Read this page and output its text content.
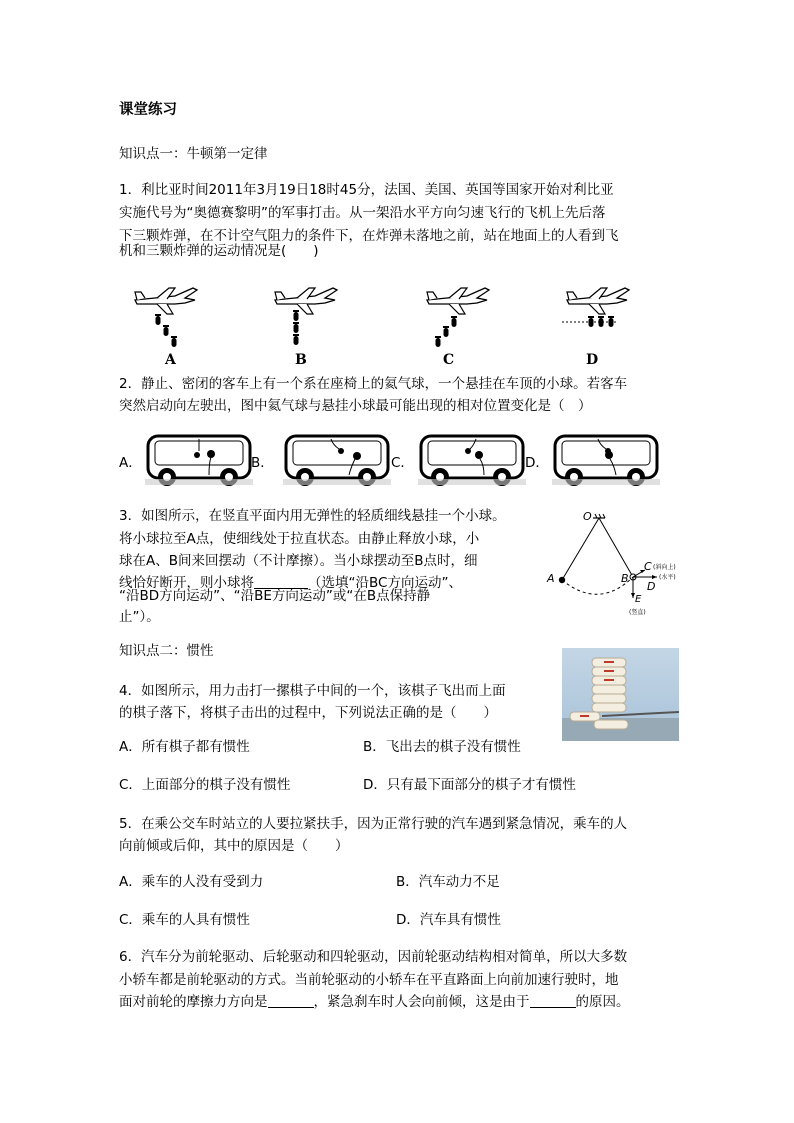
课堂练习
知识点一：牛顿第一定律
1．利比亚时间2011年3月19日18时45分，法国、美国、英国等国家开始对利比亚
实施代号为“奥德赛黎明”的军事打击。从一架沿水平方向匀速飞行的飞机上先后落
下三颗炸弹，在不计空气阻力的条件下，在炸弹未落地之前，站在地面上的人看到飞
机和三颗炸弹的运动情况是(　　)
A	B	C	D
2．静止、密闭的客车上有一个系在座椅上的氦气球，一个悬挂在车顶的小球。若客车
突然启动向左驶出，图中氦气球与悬挂小球最可能出现的相对位置变化是（　）
A．	B．	C．	D．
3．如图所示，在竖直平面内用无弹性的轻质细线悬挂一个小球。
将小球拉至A点，使细线处于拉直状态。由静止释放小球，小
球在A、B间来回摆动（不计摩擦）。当小球摆动至B点时，细
线恰好断开，则小球将	（选填“沿BC方向运动”、
“沿BD方向运动”、“沿BE方向运动”或“在B点保持静
止”）。
O
A	B
C (斜向上)
D
(水平)
E
(竖直)
知识点二：惯性
4．如图所示，用力击打一摞棋子中间的一个，该棋子飞出而上面
的棋子落下，将棋子击出的过程中，下列说法正确的是（　　）
A．所有棋子都有惯性	B．飞出去的棋子没有惯性
C．上面部分的棋子没有惯性	D．只有最下面部分的棋子才有惯性
5．在乘公交车时站立的人要拉紧扶手，因为正常行驶的汽车遇到紧急情况，乘车的人
向前倾或后仰，其中的原因是（　　）
A．乘车的人没有受到力	B．汽车动力不足
C．乘车的人具有惯性	D．汽车具有惯性
6．汽车分为前轮驱动、后轮驱动和四轮驱动，因前轮驱动结构相对简单，所以大多数
小轿车都是前轮驱动的方式。当前轮驱动的小轿车在平直路面上向前加速行驶时，地
面对前轮的摩擦力方向是	，紧急刹车时人会向前倾，这是由于	的原因。
